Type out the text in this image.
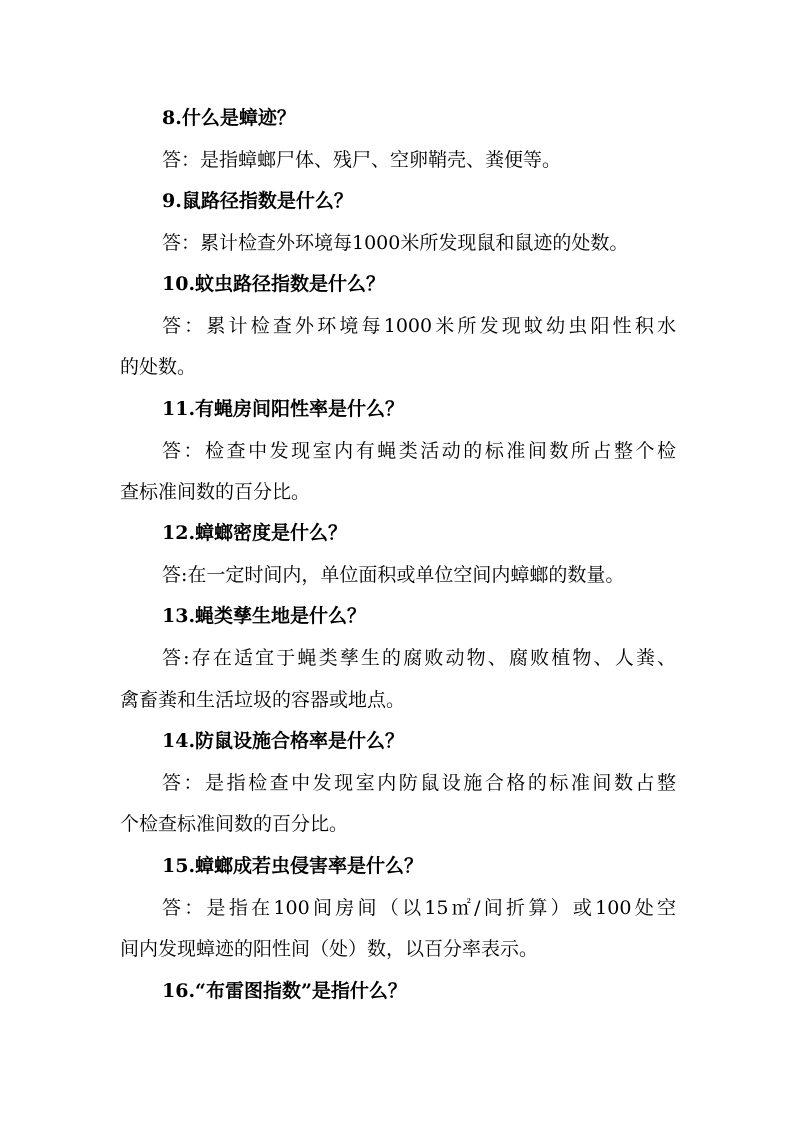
8.什么是蟑迹？
答：是指蟑螂尸体、残尸、空卵鞘壳、粪便等。
9.鼠路径指数是什么？
答：累计检查外环境每1000米所发现鼠和鼠迹的处数。
10.蚊虫路径指数是什么？
答：累计检查外环境每1000米所发现蚊幼虫阳性积水
的处数。
11.有蝇房间阳性率是什么？
答：检查中发现室内有蝇类活动的标准间数所占整个检
查标准间数的百分比。
12.蟑螂密度是什么？
答:在一定时间内，单位面积或单位空间内蟑螂的数量。
13.蝇类孳生地是什么？
答:存在适宜于蝇类孳生的腐败动物、腐败植物、人粪、
禽畜粪和生活垃圾的容器或地点。
14.防鼠设施合格率是什么？
答：是指检查中发现室内防鼠设施合格的标准间数占整
个检查标准间数的百分比。
15.蟑螂成若虫侵害率是什么？
答：是指在100间房间（以15㎡/间折算）或100处空
间内发现蟑迹的阳性间（处）数，以百分率表示。
16.“布雷图指数”是指什么？
